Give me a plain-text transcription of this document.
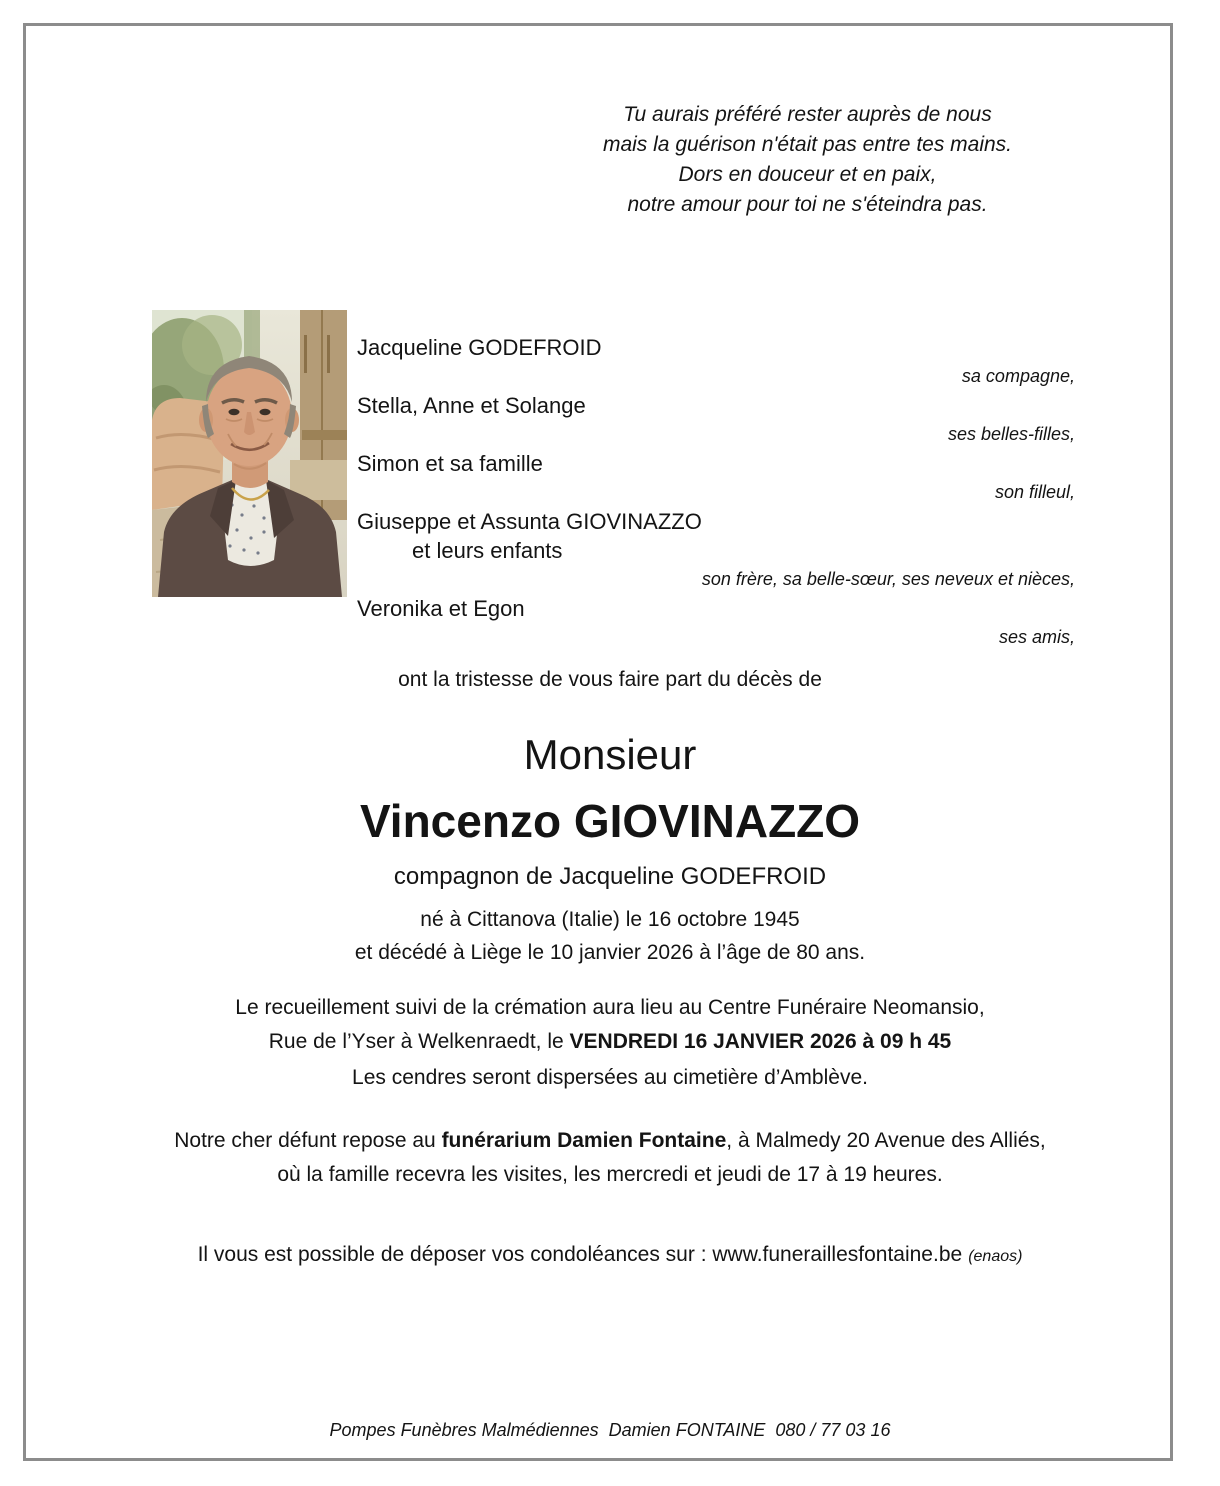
Tu aurais préféré rester auprès de nous

mais la guérison n'était pas entre tes mains.

Dors en douceur et en paix,

notre amour pour toi ne s'éteindra pas.

Jacqueline GODEFROID

sa compagne,

Stella, Anne et Solange

ses belles-filles,

Simon et sa famille

son filleul,

Giuseppe et Assunta GIOVINAZZO

et leurs enfants

son frère, sa belle-sœur, ses neveux et nièces,

Veronika et Egon

ses amis,

ont la tristesse de vous faire part du décès de

Monsieur

Vincenzo GIOVINAZZO

compagnon de Jacqueline GODEFROID

né à Cittanova (Italie) le 16 octobre 1945

et décédé à Liège le 10 janvier 2026 à l’âge de 80 ans.

Le recueillement suivi de la crémation aura lieu au Centre Funéraire Neomansio,

Rue de l’Yser à Welkenraedt, le VENDREDI 16 JANVIER 2026 à 09 h 45

Les cendres seront dispersées au cimetière d’Amblève.

Notre cher défunt repose au funérarium Damien Fontaine, à Malmedy 20 Avenue des Alliés,

où la famille recevra les visites, les mercredi et jeudi de 17 à 19 heures.

Il vous est possible de déposer vos condoléances sur : www.funeraillesfontaine.be (enaos)

Pompes Funèbres Malmédiennes  Damien FONTAINE  080 / 77 03 16
